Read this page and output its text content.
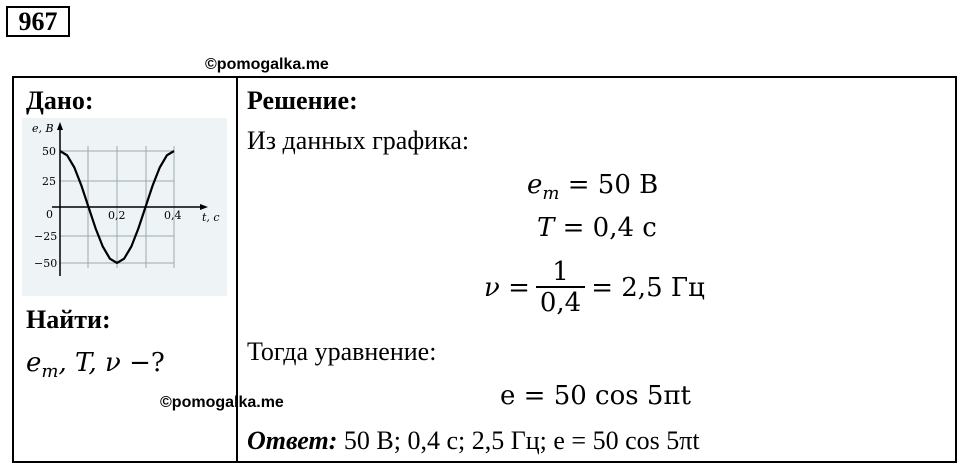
967
©pomogalka.me
Дано:
e, В
t, с
50
25
0
−25
−50
0,2	0,4
Найти:
$e_m$, T, ν −?
©pomogalka.me
Решение:
Из данных графика:
$e_m = 50$ В
T = 0,4 с
$\nu = \frac{1}{0,4} = 2,5$ Гц
Тогда уравнение:
e = 50 cos 5πt
Ответ: 50 В; 0,4 с; 2,5 Гц; e = 50 cos 5πt
